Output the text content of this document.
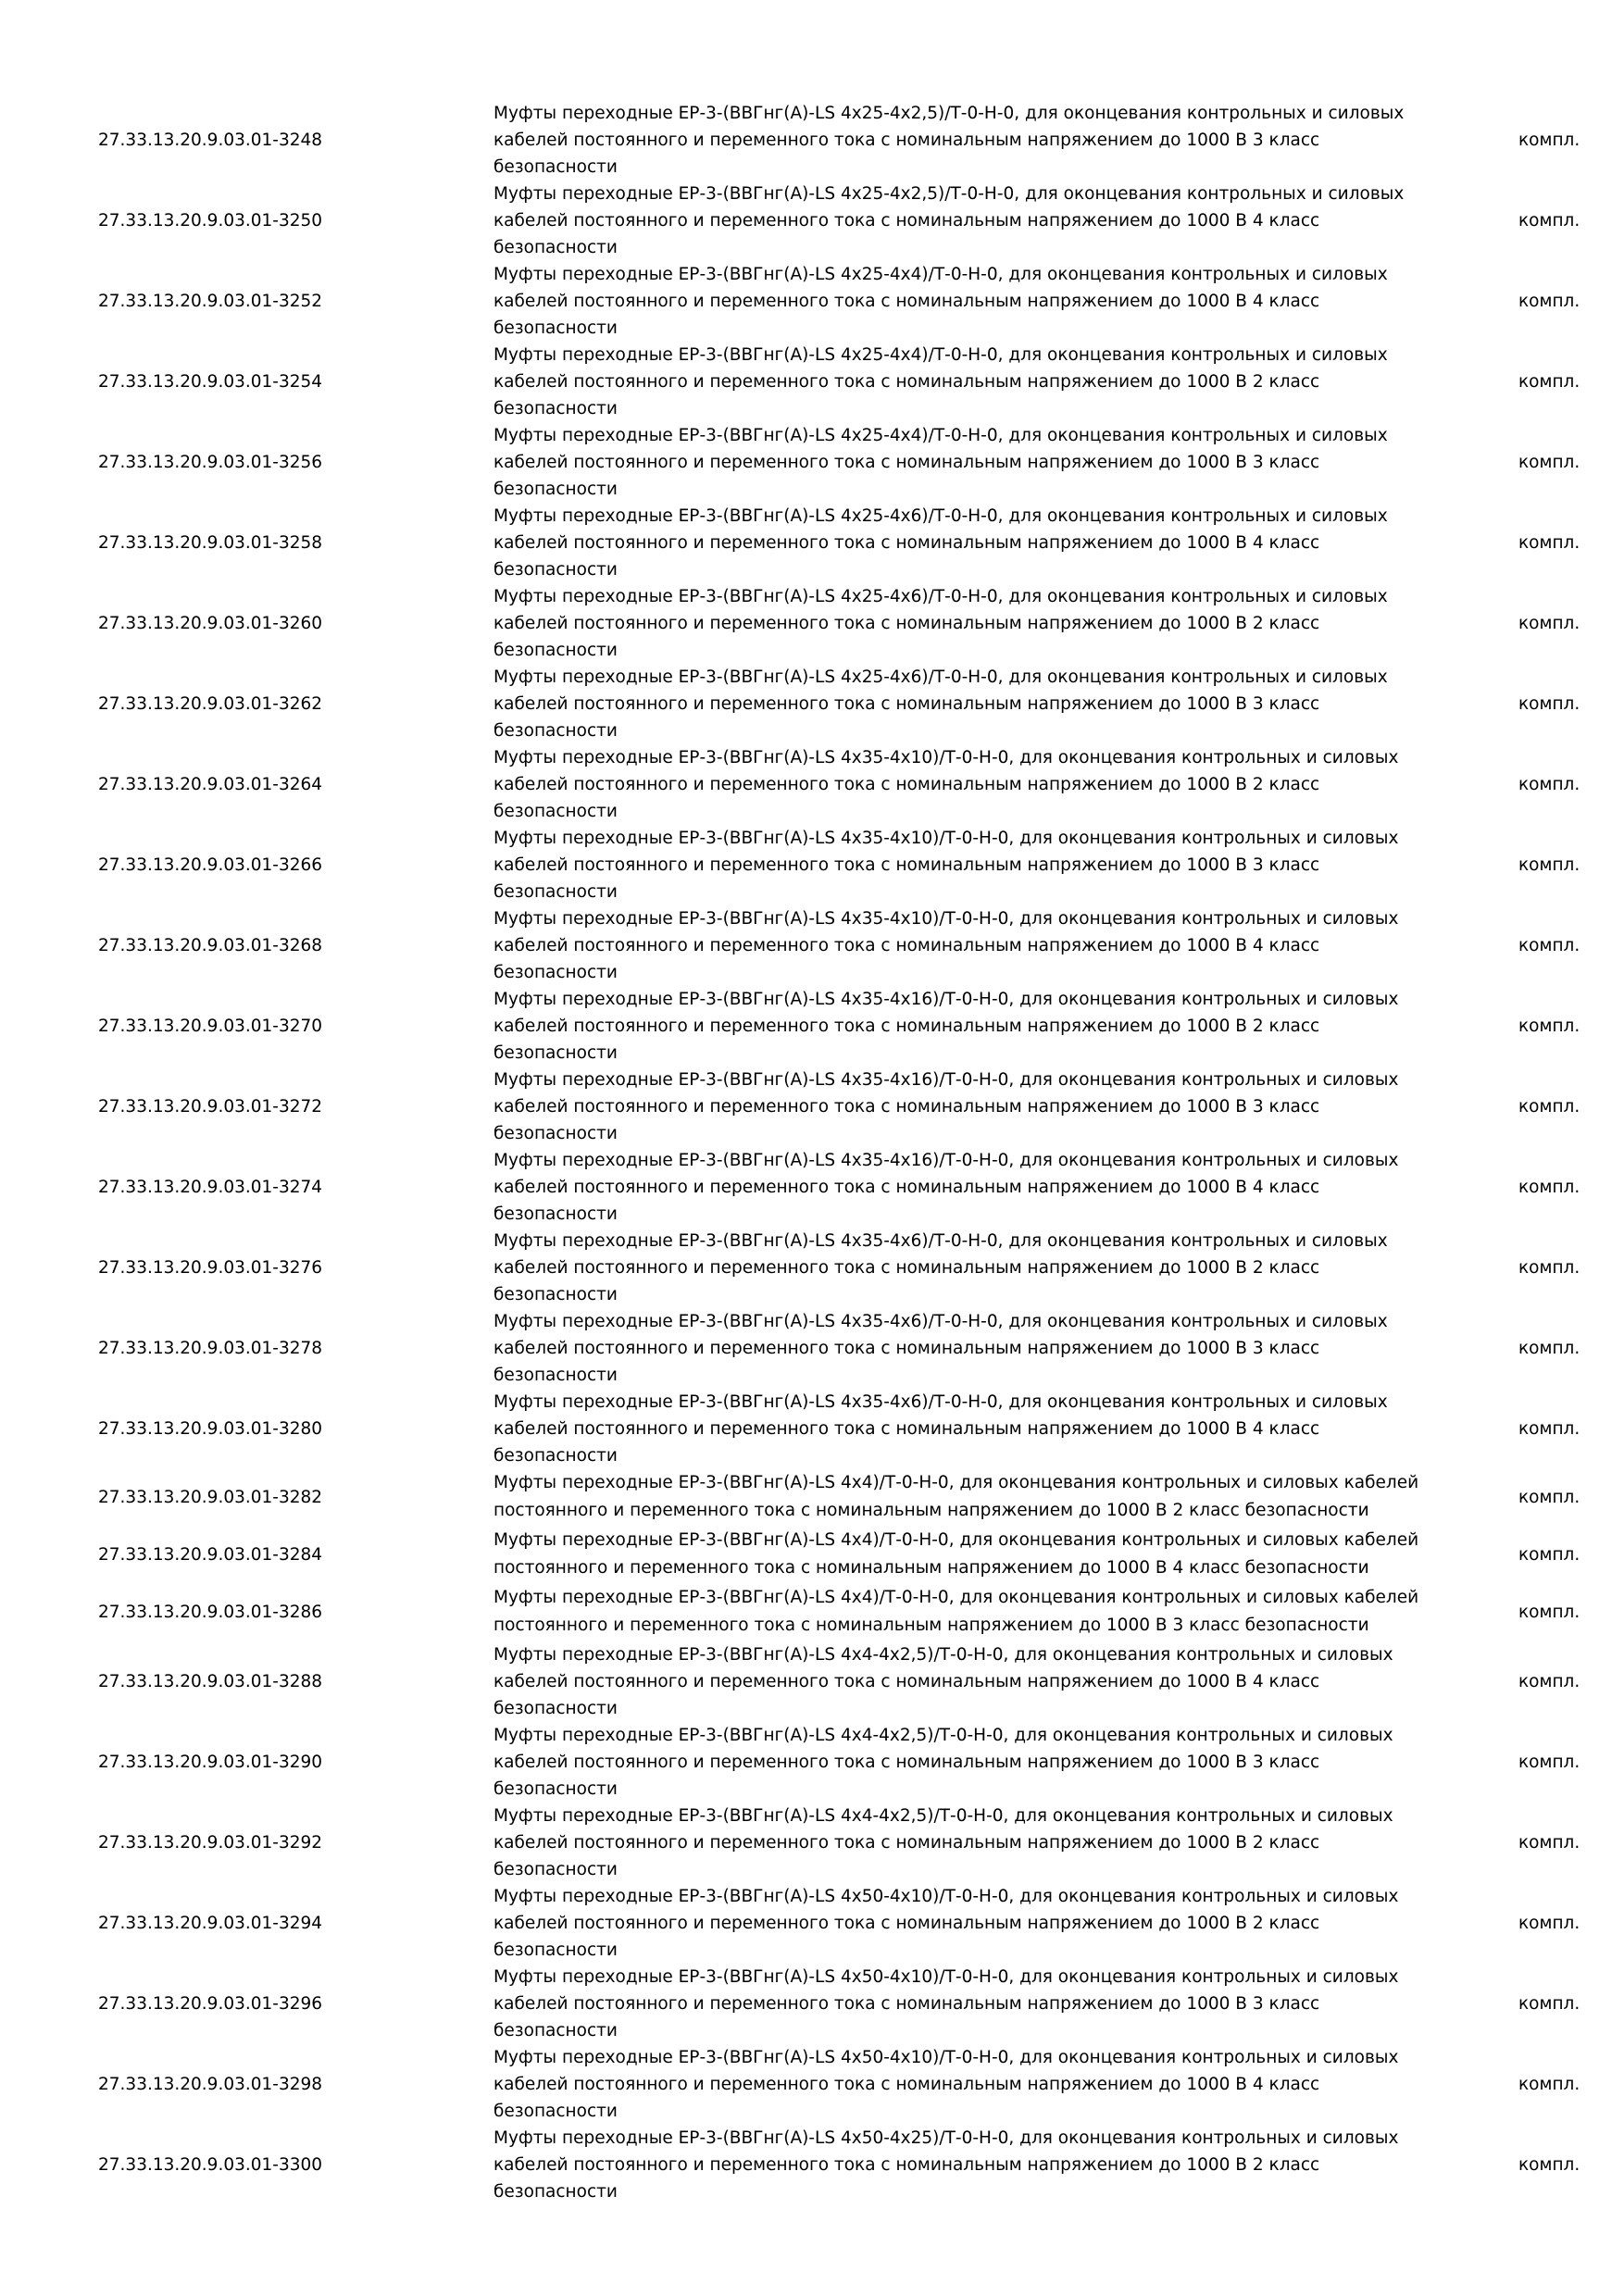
27.33.13.20.9.03.01-3248
Муфты переходные ЕР-3-(ВВГнг(А)-LS 4х25-4х2,5)/Т-0-Н-0, для оконцевания контрольных и силовых
кабелей постоянного и переменного тока с номинальным напряжением до 1000 В 3 класс
безопасности
компл.
27.33.13.20.9.03.01-3250
Муфты переходные ЕР-3-(ВВГнг(А)-LS 4х25-4х2,5)/Т-0-Н-0, для оконцевания контрольных и силовых
кабелей постоянного и переменного тока с номинальным напряжением до 1000 В 4 класс
безопасности
компл.
27.33.13.20.9.03.01-3252
Муфты переходные ЕР-3-(ВВГнг(А)-LS 4х25-4х4)/Т-0-Н-0, для оконцевания контрольных и силовых
кабелей постоянного и переменного тока с номинальным напряжением до 1000 В 4 класс
безопасности
компл.
27.33.13.20.9.03.01-3254
Муфты переходные ЕР-3-(ВВГнг(А)-LS 4х25-4х4)/Т-0-Н-0, для оконцевания контрольных и силовых
кабелей постоянного и переменного тока с номинальным напряжением до 1000 В 2 класс
безопасности
компл.
27.33.13.20.9.03.01-3256
Муфты переходные ЕР-3-(ВВГнг(А)-LS 4х25-4х4)/Т-0-Н-0, для оконцевания контрольных и силовых
кабелей постоянного и переменного тока с номинальным напряжением до 1000 В 3 класс
безопасности
компл.
27.33.13.20.9.03.01-3258
Муфты переходные ЕР-3-(ВВГнг(А)-LS 4х25-4х6)/Т-0-Н-0, для оконцевания контрольных и силовых
кабелей постоянного и переменного тока с номинальным напряжением до 1000 В 4 класс
безопасности
компл.
27.33.13.20.9.03.01-3260
Муфты переходные ЕР-3-(ВВГнг(А)-LS 4х25-4х6)/Т-0-Н-0, для оконцевания контрольных и силовых
кабелей постоянного и переменного тока с номинальным напряжением до 1000 В 2 класс
безопасности
компл.
27.33.13.20.9.03.01-3262
Муфты переходные ЕР-3-(ВВГнг(А)-LS 4х25-4х6)/Т-0-Н-0, для оконцевания контрольных и силовых
кабелей постоянного и переменного тока с номинальным напряжением до 1000 В 3 класс
безопасности
компл.
27.33.13.20.9.03.01-3264
Муфты переходные ЕР-3-(ВВГнг(А)-LS 4х35-4х10)/Т-0-Н-0, для оконцевания контрольных и силовых
кабелей постоянного и переменного тока с номинальным напряжением до 1000 В 2 класс
безопасности
компл.
27.33.13.20.9.03.01-3266
Муфты переходные ЕР-3-(ВВГнг(А)-LS 4х35-4х10)/Т-0-Н-0, для оконцевания контрольных и силовых
кабелей постоянного и переменного тока с номинальным напряжением до 1000 В 3 класс
безопасности
компл.
27.33.13.20.9.03.01-3268
Муфты переходные ЕР-3-(ВВГнг(А)-LS 4х35-4х10)/Т-0-Н-0, для оконцевания контрольных и силовых
кабелей постоянного и переменного тока с номинальным напряжением до 1000 В 4 класс
безопасности
компл.
27.33.13.20.9.03.01-3270
Муфты переходные ЕР-3-(ВВГнг(А)-LS 4х35-4х16)/Т-0-Н-0, для оконцевания контрольных и силовых
кабелей постоянного и переменного тока с номинальным напряжением до 1000 В 2 класс
безопасности
компл.
27.33.13.20.9.03.01-3272
Муфты переходные ЕР-3-(ВВГнг(А)-LS 4х35-4х16)/Т-0-Н-0, для оконцевания контрольных и силовых
кабелей постоянного и переменного тока с номинальным напряжением до 1000 В 3 класс
безопасности
компл.
27.33.13.20.9.03.01-3274
Муфты переходные ЕР-3-(ВВГнг(А)-LS 4х35-4х16)/Т-0-Н-0, для оконцевания контрольных и силовых
кабелей постоянного и переменного тока с номинальным напряжением до 1000 В 4 класс
безопасности
компл.
27.33.13.20.9.03.01-3276
Муфты переходные ЕР-3-(ВВГнг(А)-LS 4х35-4х6)/Т-0-Н-0, для оконцевания контрольных и силовых
кабелей постоянного и переменного тока с номинальным напряжением до 1000 В 2 класс
безопасности
компл.
27.33.13.20.9.03.01-3278
Муфты переходные ЕР-3-(ВВГнг(А)-LS 4х35-4х6)/Т-0-Н-0, для оконцевания контрольных и силовых
кабелей постоянного и переменного тока с номинальным напряжением до 1000 В 3 класс
безопасности
компл.
27.33.13.20.9.03.01-3280
Муфты переходные ЕР-3-(ВВГнг(А)-LS 4х35-4х6)/Т-0-Н-0, для оконцевания контрольных и силовых
кабелей постоянного и переменного тока с номинальным напряжением до 1000 В 4 класс
безопасности
компл.
27.33.13.20.9.03.01-3282
Муфты переходные ЕР-3-(ВВГнг(А)-LS 4х4)/Т-0-Н-0, для оконцевания контрольных и силовых кабелей
постоянного и переменного тока с номинальным напряжением до 1000 В 2 класс безопасности
компл.
27.33.13.20.9.03.01-3284
Муфты переходные ЕР-3-(ВВГнг(А)-LS 4х4)/Т-0-Н-0, для оконцевания контрольных и силовых кабелей
постоянного и переменного тока с номинальным напряжением до 1000 В 4 класс безопасности
компл.
27.33.13.20.9.03.01-3286
Муфты переходные ЕР-3-(ВВГнг(А)-LS 4х4)/Т-0-Н-0, для оконцевания контрольных и силовых кабелей
постоянного и переменного тока с номинальным напряжением до 1000 В 3 класс безопасности
компл.
27.33.13.20.9.03.01-3288
Муфты переходные ЕР-3-(ВВГнг(А)-LS 4х4-4х2,5)/Т-0-Н-0, для оконцевания контрольных и силовых
кабелей постоянного и переменного тока с номинальным напряжением до 1000 В 4 класс
безопасности
компл.
27.33.13.20.9.03.01-3290
Муфты переходные ЕР-3-(ВВГнг(А)-LS 4х4-4х2,5)/Т-0-Н-0, для оконцевания контрольных и силовых
кабелей постоянного и переменного тока с номинальным напряжением до 1000 В 3 класс
безопасности
компл.
27.33.13.20.9.03.01-3292
Муфты переходные ЕР-3-(ВВГнг(А)-LS 4х4-4х2,5)/Т-0-Н-0, для оконцевания контрольных и силовых
кабелей постоянного и переменного тока с номинальным напряжением до 1000 В 2 класс
безопасности
компл.
27.33.13.20.9.03.01-3294
Муфты переходные ЕР-3-(ВВГнг(А)-LS 4х50-4х10)/Т-0-Н-0, для оконцевания контрольных и силовых
кабелей постоянного и переменного тока с номинальным напряжением до 1000 В 2 класс
безопасности
компл.
27.33.13.20.9.03.01-3296
Муфты переходные ЕР-3-(ВВГнг(А)-LS 4х50-4х10)/Т-0-Н-0, для оконцевания контрольных и силовых
кабелей постоянного и переменного тока с номинальным напряжением до 1000 В 3 класс
безопасности
компл.
27.33.13.20.9.03.01-3298
Муфты переходные ЕР-3-(ВВГнг(А)-LS 4х50-4х10)/Т-0-Н-0, для оконцевания контрольных и силовых
кабелей постоянного и переменного тока с номинальным напряжением до 1000 В 4 класс
безопасности
компл.
27.33.13.20.9.03.01-3300
Муфты переходные ЕР-3-(ВВГнг(А)-LS 4х50-4х25)/Т-0-Н-0, для оконцевания контрольных и силовых
кабелей постоянного и переменного тока с номинальным напряжением до 1000 В 2 класс
безопасности
компл.
